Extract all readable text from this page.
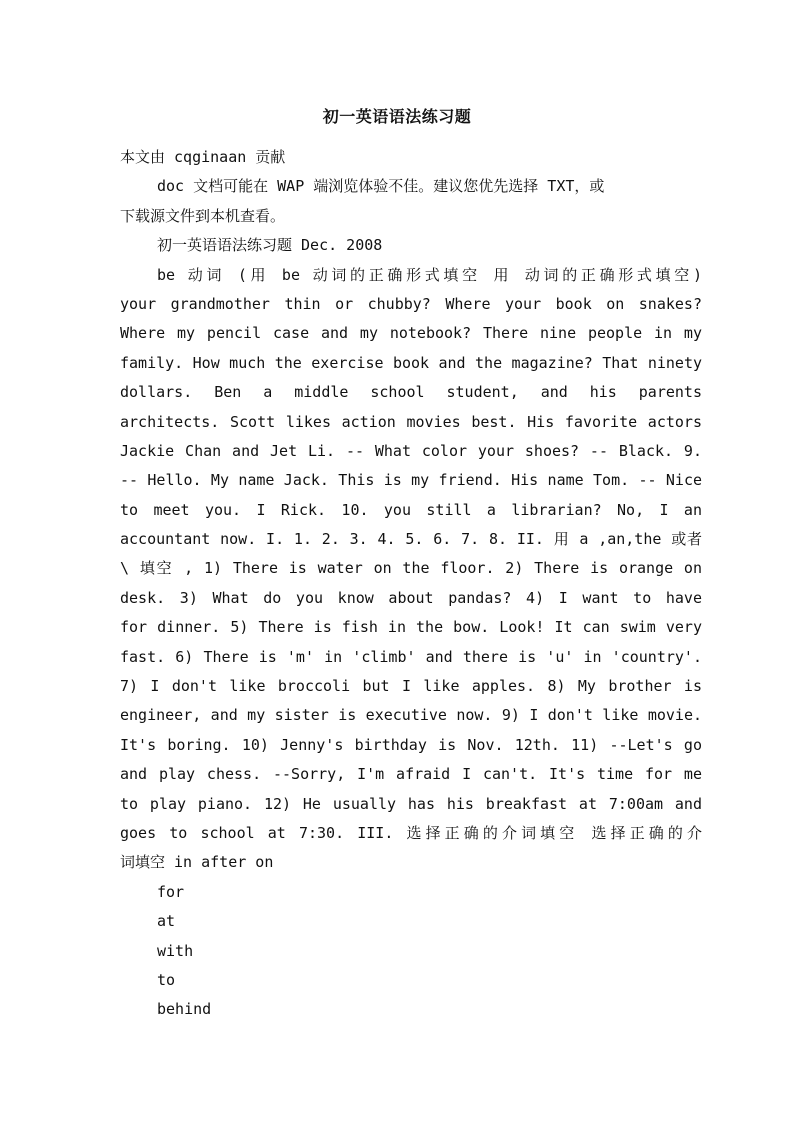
初一英语语法练习题
本文由 cqginaan 贡献
doc 文档可能在 WAP 端浏览体验不佳。建议您优先选择 TXT，或
下载源文件到本机查看。
初一英语语法练习题 Dec. 2008
be 动词 (用 be 动词的正确形式填空 用 动词的正确形式填空)
your grandmother thin or chubby? Where your book on snakes?
Where my pencil case and my notebook? There nine people in my
family. How much the exercise book and the magazine? That ninety
dollars. Ben a middle school student, and his parents
architects. Scott likes action movies best. His favorite actors
Jackie Chan and Jet Li. -- What color your shoes? -- Black. 9.
-- Hello. My name Jack. This is my friend. His name Tom. -- Nice
to meet you. I Rick. 10. you still a librarian? No, I an
accountant now. I. 1. 2. 3. 4. 5. 6. 7. 8. II. 用 a ,an,the 或者
\ 填空 , 1) There is water on the floor. 2) There is orange on
desk. 3) What do you know about pandas? 4) I want to have
for dinner. 5) There is fish in the bow. Look! It can swim very
fast. 6) There is 'm' in 'climb' and there is 'u' in 'country'.
7) I don't like broccoli but I like apples. 8) My brother is
engineer, and my sister is executive now. 9) I don't like movie.
It's boring. 10) Jenny's birthday is Nov. 12th. 11) --Let's go
and play chess. --Sorry, I'm afraid I can't. It's time for me
to play piano. 12) He usually has his breakfast at 7:00am and
goes to school at 7:30. III. 选择正确的介词填空 选择正确的介
词填空 in after on
for
at
with
to
behind
